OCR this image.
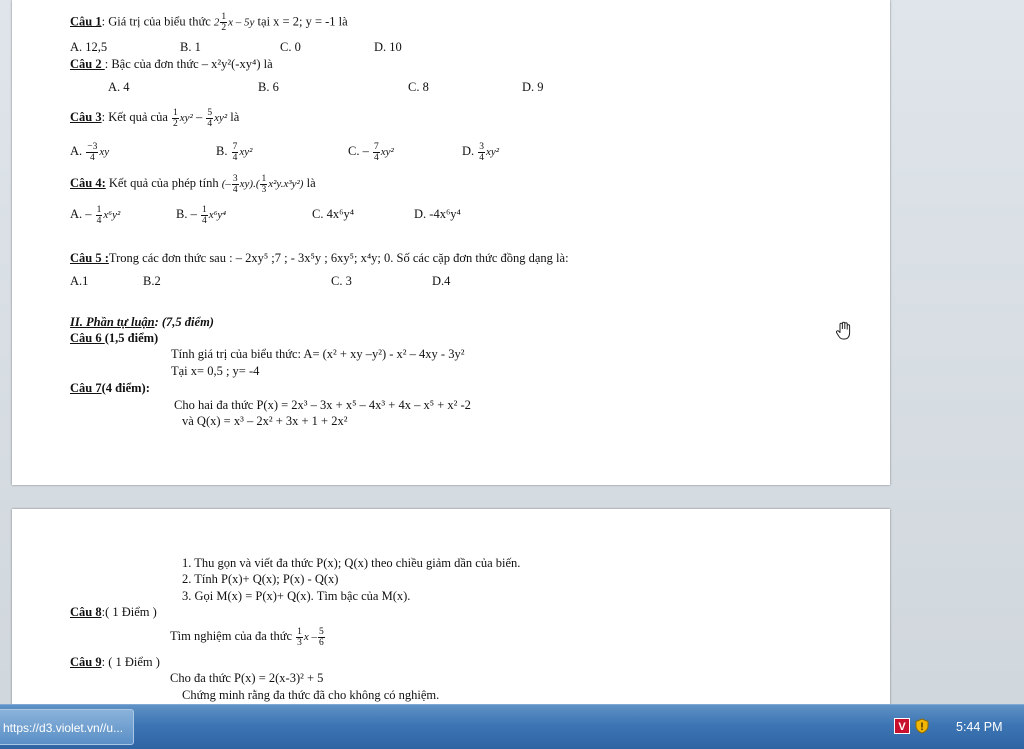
Câu 1: Giá trị của biểu thức $2 \frac{1}{2}$ x – 5y tại x = 2; y = -1 là
A. 12,5	B. 1	C. 0	D. 10
Câu 2 : Bậc của đơn thức – x²y²(-xy⁴) là
A. 4	B. 6	C. 8	D. 9
Câu 3: Kết quả của $\frac{1}{2} xy^2 - \frac{5}{4} xy^2$ là
A. $\frac{-3}{4}$ xy	B. $\frac{7}{4} xy^2$	C. – $\frac{7}{4} xy^2$	D. $\frac{3}{4} xy^2$
Câu 4: Kết quả của phép tính (– $\frac{3}{4} xy).( \frac{1}{3} x^2y.x^3y^2)$ là
A. – $\frac{1}{4} x^6y^2$	B. – $\frac{1}{4} x^6y^4$	C. 4x⁶y⁴	D. -4x⁶y⁴
Câu 5 :Trong các đơn thức sau : – 2xy⁵ ;7 ; - 3x⁵y ; 6xy⁵; x⁴y; 0. Số các cặp đơn thức đồng dạng là:
A.1	B.2	C. 3	D.4
II. Phần tự luận: (7,5 điểm)
Câu 6 (1,5 điểm)
Tính giá trị của biểu thức: A= (x² + xy –y²) - x² – 4xy - 3y²
Tại x= 0,5 ; y= -4
Câu 7(4 điểm):
Cho hai đa thức P(x) = 2x³ – 3x + x⁵ – 4x³ + 4x – x⁵ + x² -2
và Q(x) = x³ – 2x² + 3x + 1 + 2x²
1. Thu gọn và viết đa thức P(x); Q(x) theo chiều giảm dần của biến.
2. Tính P(x)+ Q(x); P(x) - Q(x)
3. Gọi M(x) = P(x)+ Q(x). Tìm bậc của M(x).
Câu 8:( 1 Điểm )
Tìm nghiệm của đa thức $\frac{1}{3}$ x – $\frac{5}{6}$
Câu 9: ( 1 Điểm )
Cho đa thức P(x) = 2(x-3)² + 5
Chứng minh rằng đa thức đã cho không có nghiệm.
https://d3.violet.vn//u...	V	5:44 PM
